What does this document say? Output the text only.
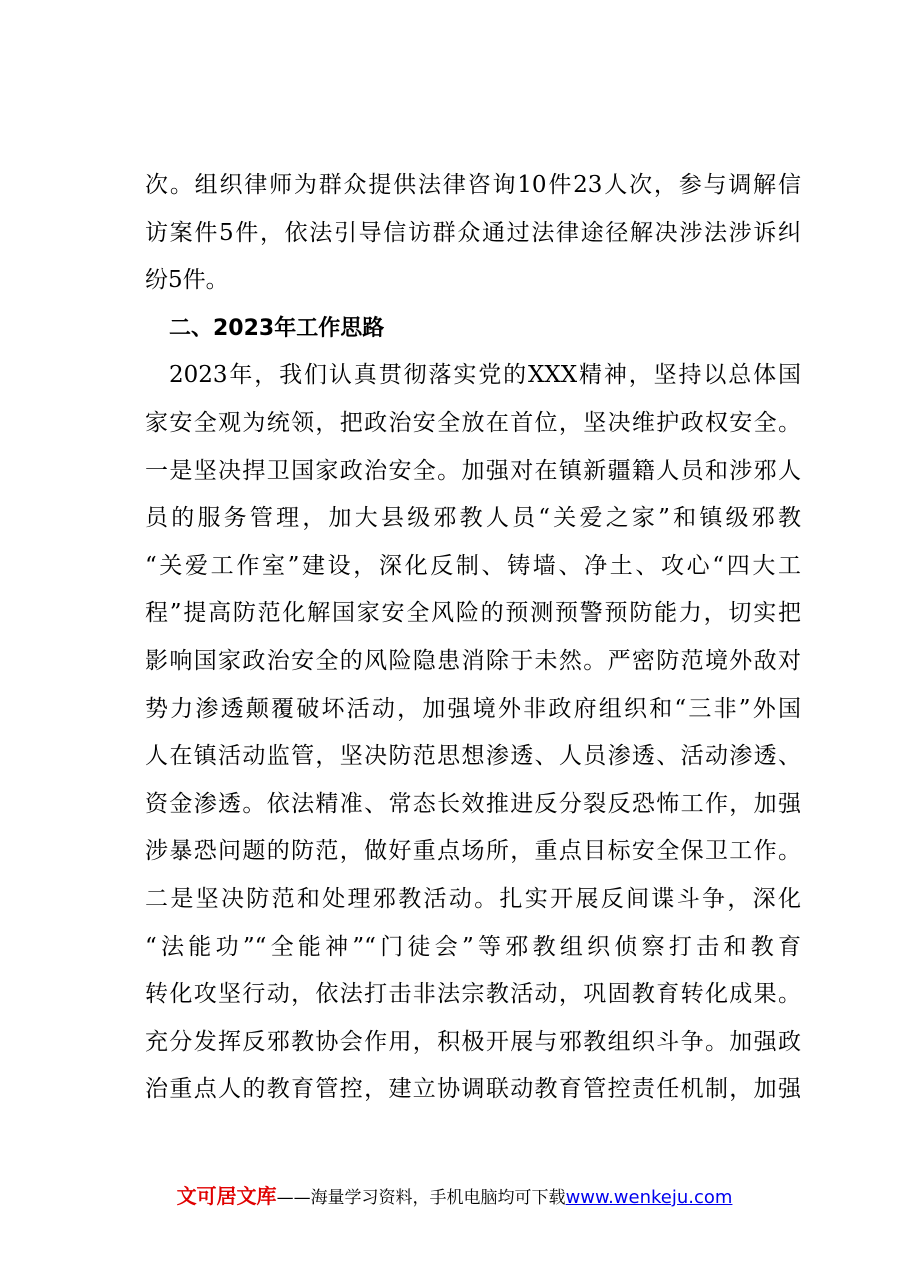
次。组织律师为群众提供法律咨询10件23人次，参与调解信
访案件5件，依法引导信访群众通过法律途径解决涉法涉诉纠
纷5件。
二、2023年工作思路
2023年，我们认真贯彻落实党的XXX精神，坚持以总体国
家安全观为统领，把政治安全放在首位，坚决维护政权安全。
一是坚决捍卫国家政治安全。加强对在镇新疆籍人员和涉邪人
员的服务管理，加大县级邪教人员“关爱之家”和镇级邪教
“关爱工作室”建设，深化反制、铸墙、净土、攻心“四大工
程”提高防范化解国家安全风险的预测预警预防能力，切实把
影响国家政治安全的风险隐患消除于未然。严密防范境外敌对
势力渗透颠覆破坏活动，加强境外非政府组织和“三非”外国
人在镇活动监管，坚决防范思想渗透、人员渗透、活动渗透、
资金渗透。依法精准、常态长效推进反分裂反恐怖工作，加强
涉暴恐问题的防范，做好重点场所，重点目标安全保卫工作。
二是坚决防范和处理邪教活动。扎实开展反间谍斗争，深化
“法能功”“全能神”“门徒会”等邪教组织侦察打击和教育
转化攻坚行动，依法打击非法宗教活动，巩固教育转化成果。
充分发挥反邪教协会作用，积极开展与邪教组织斗争。加强政
治重点人的教育管控，建立协调联动教育管控责任机制，加强
文可居文库——海量学习资料，手机电脑均可下载www.wenkeju.com
